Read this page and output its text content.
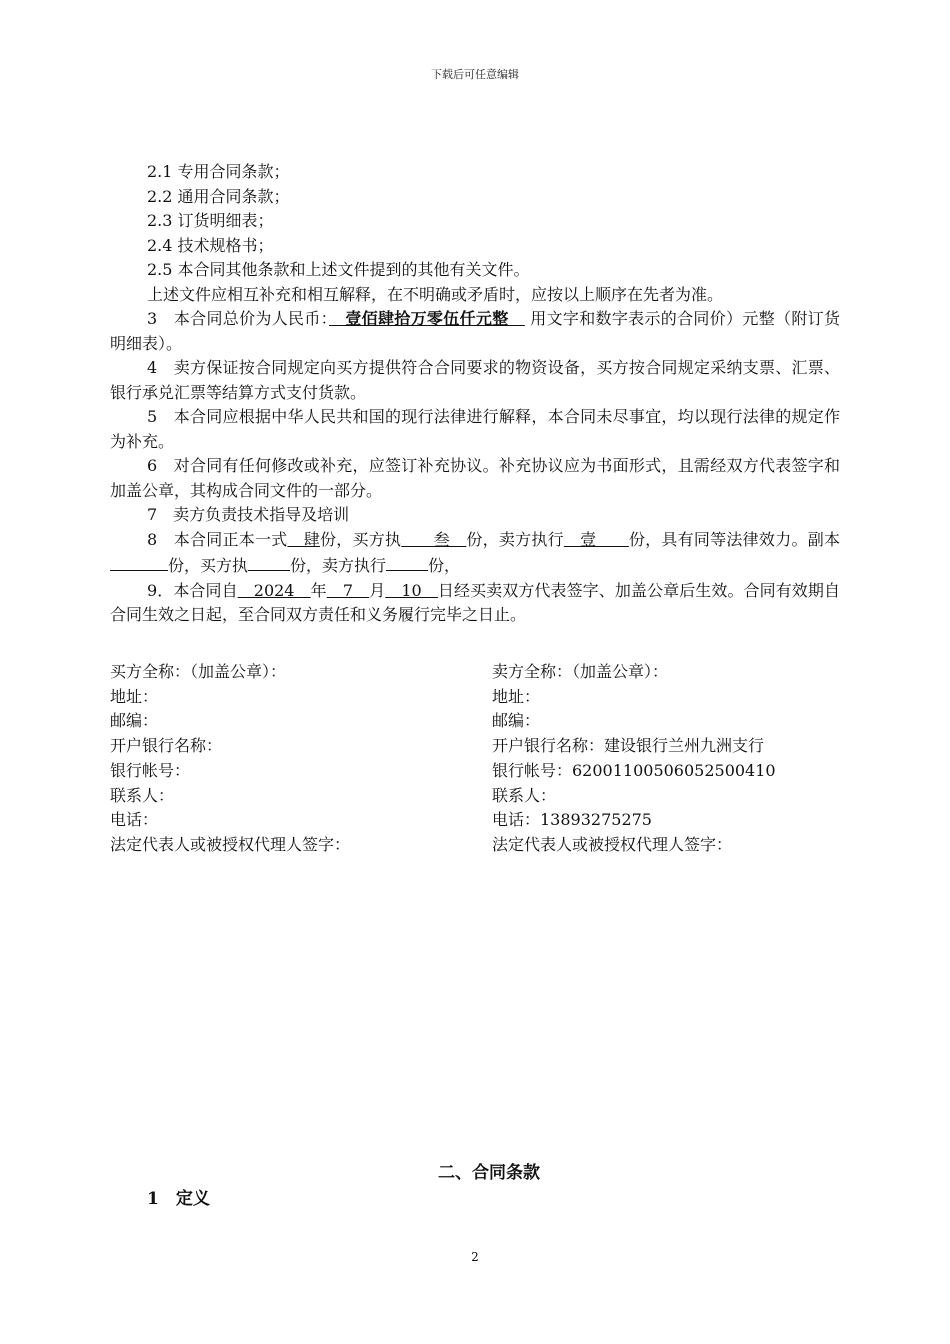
下载后可任意编辑

2.1 专用合同条款；

2.2 通用合同条款；

2.3 订货明细表；

2.4 技术规格书；

2.5 本合同其他条款和上述文件提到的其他有关文件。

上述文件应相互补充和相互解释，在不明确或矛盾时，应按以上顺序在先者为准。

3　本合同总价为人民币：　壹佰肆拾万零伍仟元整　 用文字和数字表示的合同价）元整（附订货明细表）。

4　卖方保证按合同规定向买方提供符合合同要求的物资设备，买方按合同规定采纳支票、汇票、银行承兑汇票等结算方式支付货款。

5　本合同应根据中华人民共和国的现行法律进行解释，本合同未尽事宜，均以现行法律的规定作为补充。

6　对合同有任何修改或补充，应签订补充协议。补充协议应为书面形式，且需经双方代表签字和加盖公章，其构成合同文件的一部分。

7　卖方负责技术指导及培训

8　本合同正本一式　肆份，买方执　　叁　份，卖方执行　壹　　份，具有同等法律效力。副本份，买方执	份，卖方执行	份，

9．本合同自　2024　年　7　月　10　日经买卖双方代表签字、加盖公章后生效。合同有效期自合同生效之日起，至合同双方责任和义务履行完毕之日止。

买方全称：（加盖公章）：
地址：
邮编：
开户银行名称：
银行帐号：
联系人：
电话：
法定代表人或被授权代理人签字：
卖方全称：（加盖公章）：
地址：
邮编：
开户银行名称：建设银行兰州九洲支行
银行帐号：62001100506052500410
联系人：
电话：13893275275
法定代表人或被授权代理人签字：
二、合同条款
1　定义
2
